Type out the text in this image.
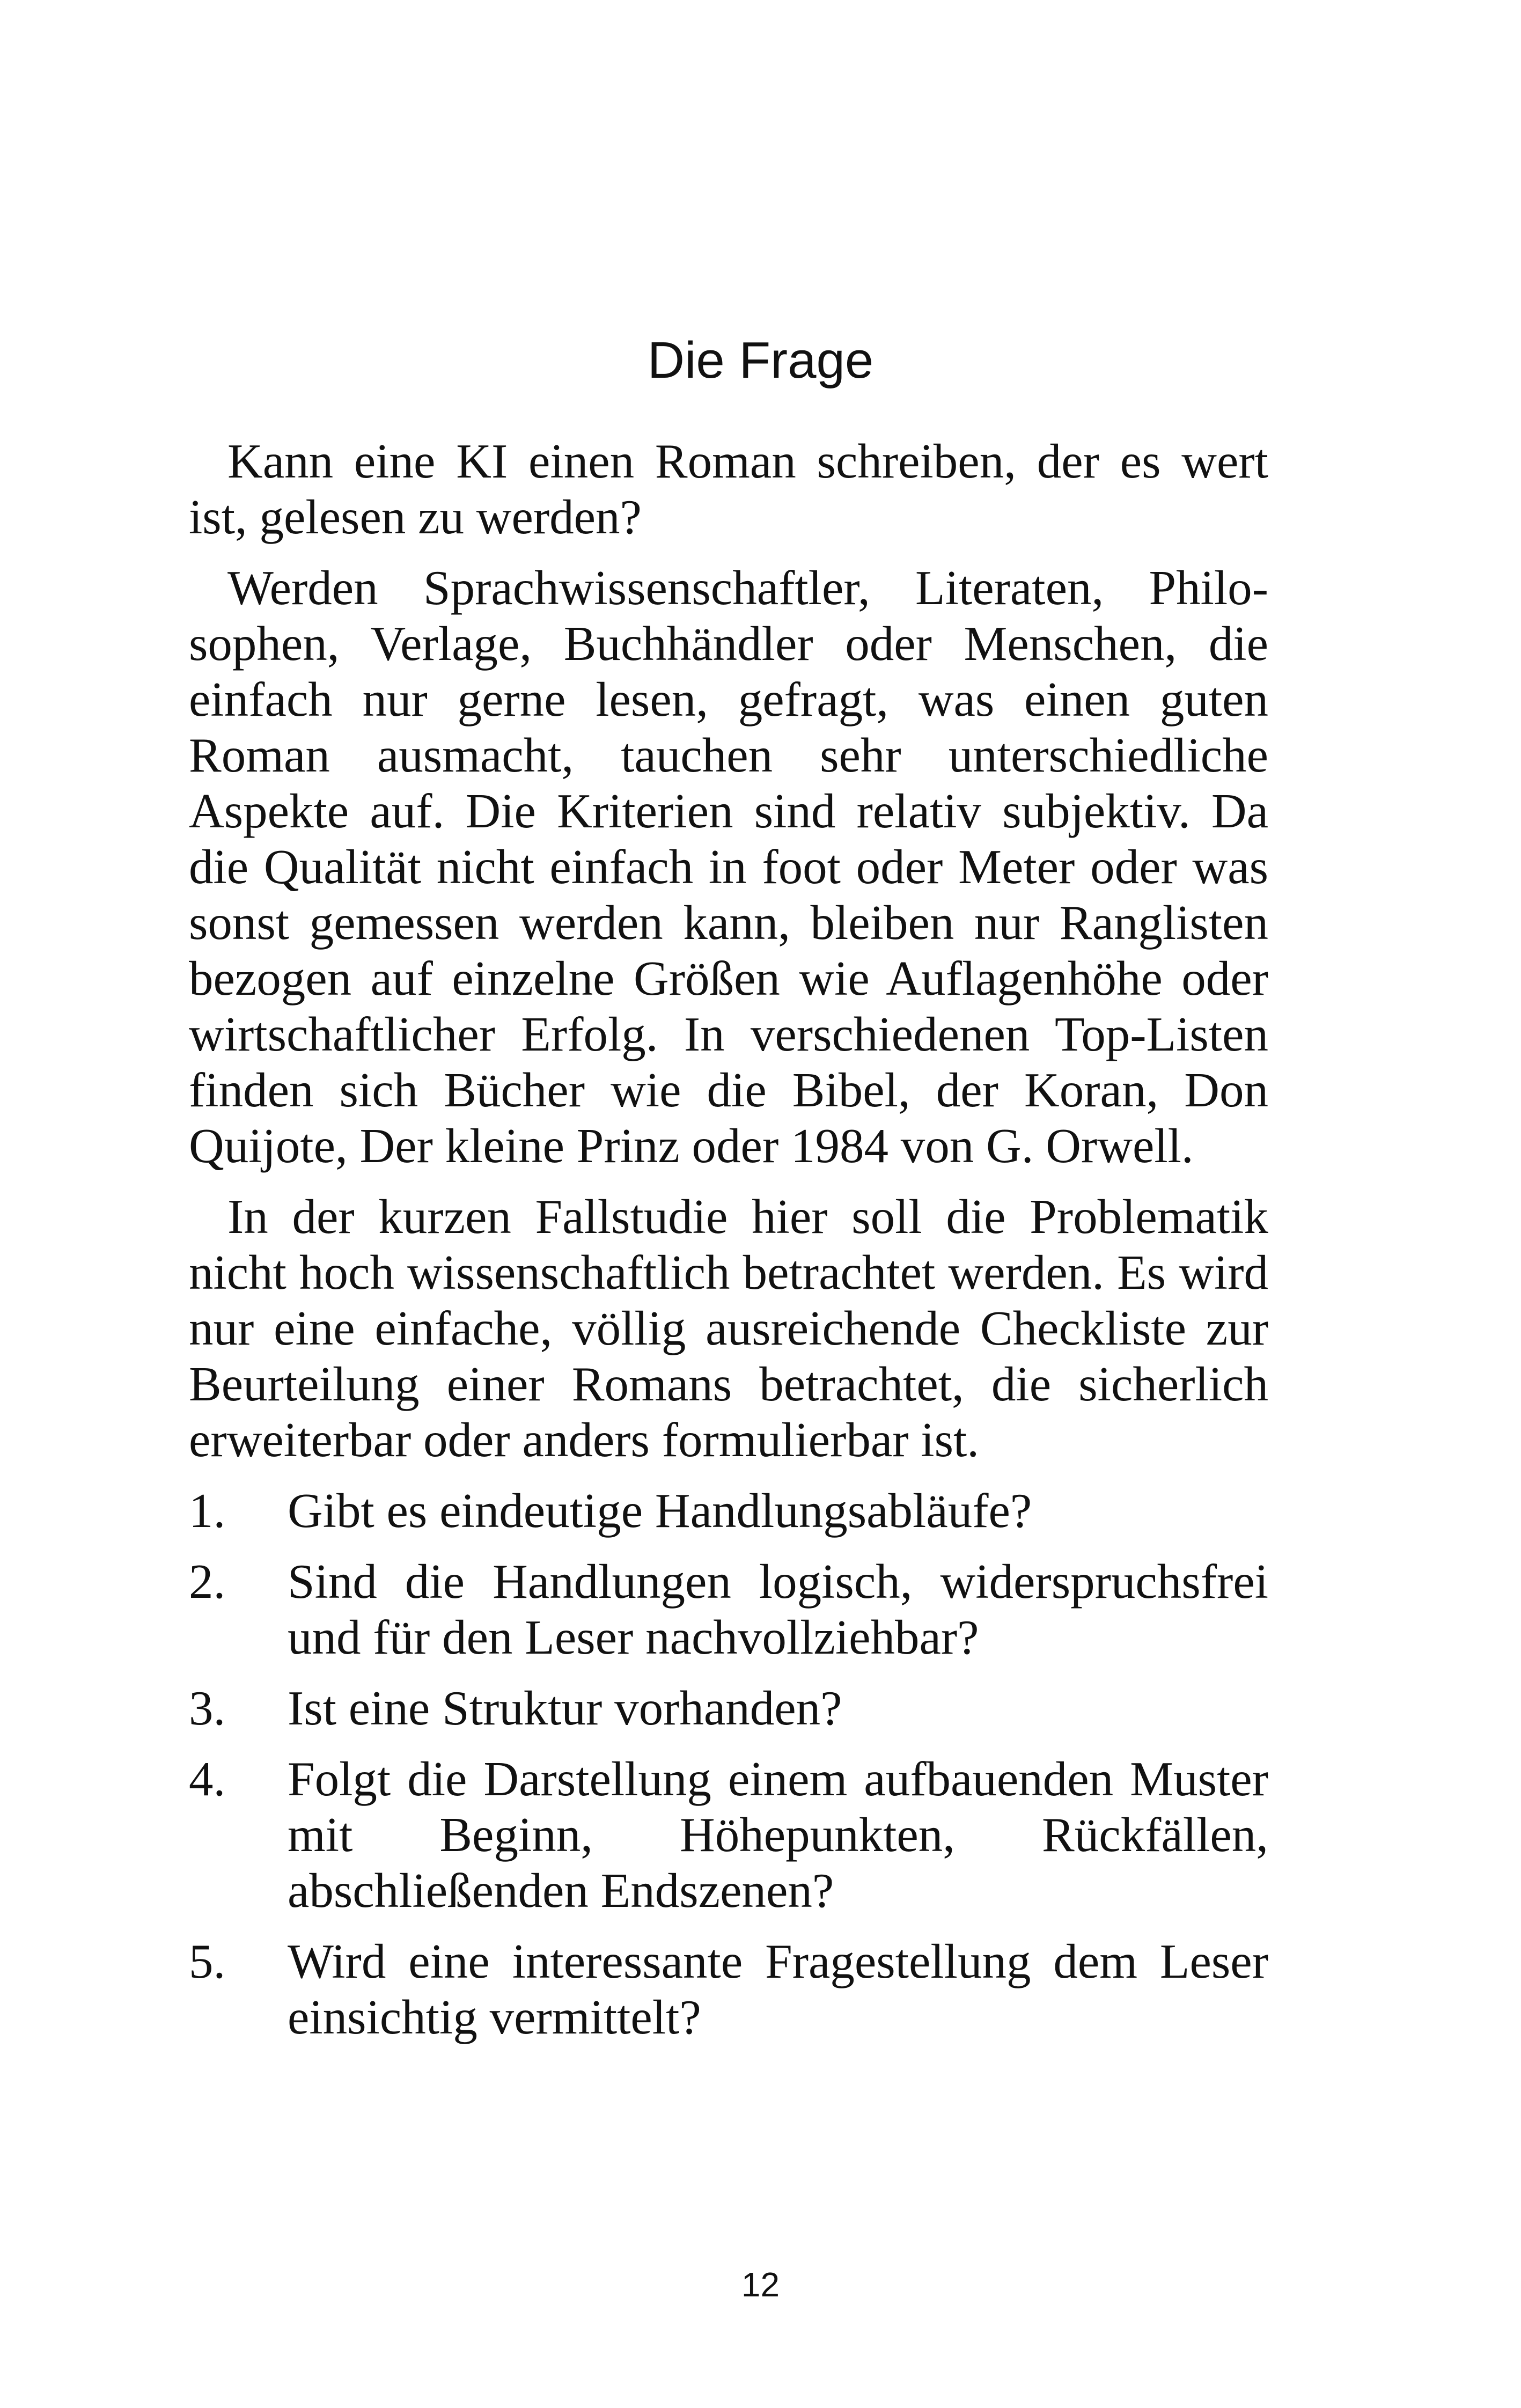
Die Frage

Kann eine KI einen Roman schreiben, der es wert ist, gelesen zu werden?

Werden Sprachwissenschaftler, Literaten, Philosophen, Verlage, Buchhändler oder Menschen, die einfach nur gerne lesen, gefragt, was einen guten Roman ausmacht, tauchen sehr unterschiedliche Aspekte auf. Die Kriterien sind relativ subjektiv. Da die Qualität nicht einfach in foot oder Meter oder was sonst gemessen werden kann, bleiben nur Ranglisten bezogen auf einzelne Größen wie Auflagenhöhe oder wirtschaftlicher Erfolg. In verschiedenen Top-Listen finden sich Bücher wie die Bibel, der Koran, Don Quijote, Der kleine Prinz oder 1984 von G. Orwell.

In der kurzen Fallstudie hier soll die Problematik nicht hoch wissenschaftlich betrachtet werden. Es wird nur eine einfache, völlig ausreichende Checkliste zur Beurteilung einer Romans betrachtet, die sicherlich erweiterbar oder anders formulierbar ist.

1. Gibt es eindeutige Handlungsabläufe?
2. Sind die Handlungen logisch, widerspruchsfrei und für den Leser nachvollziehbar?
3. Ist eine Struktur vorhanden?
4. Folgt die Darstellung einem aufbauenden Muster mit Beginn, Höhepunkten, Rückfällen, abschließenden Endszenen?
5. Wird eine interessante Fragestellung dem Leser einsichtig vermittelt?
12
